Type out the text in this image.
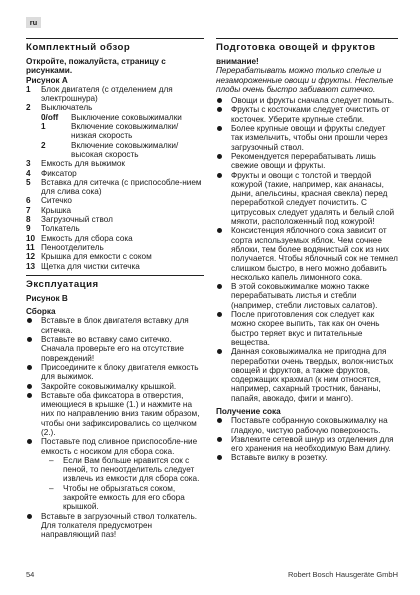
ru
Комплектный обзор

Откройте, пожалуйста, страницу с рисунками.

Рисунок A

1	Блок двигателя (с отделением для электрошнура)
2	Выключатель
0/off	Выключение соковыжималки
1	Включение соковыжималки/ низкая скорость
2	Включение соковыжималки/ высокая скорость
3	Емкость для выжимок
4	Фиксатор
5	Вставка для ситечка (с приспособле-нием для слива сока)
6	Ситечко
7	Крышка
8	Загрузочный ствол
9	Толкатель
10 Емкость для сбора сока
11 Пеноотделитель
12 Крышка для емкости с соком
13 Щетка для чистки ситечка
Эксплуатация

Рисунок B

Сборка
Вставьте в блок двигателя вставку для ситечка.
Вставьте во вставку само ситечко. Сначала проверьте его на отсутствие повреждений!
Присоедините к блоку двигателя емкость для выжимок.
Закройте соковыжималку крышкой.
Вставьте оба фиксатора в отверстия, имеющиеся в крышке (1.) и нажмите на них по направлению вниз таким образом, чтобы они зафиксировались со щелчком (2.).
Поставьте под сливное приспособле-ние емкость с носиком для сбора сока.
–	Если Вам больше нравится сок с пеной, то пеноотделитель следует извлечь из емкости для сбора сока.
–	Чтобы не обрызгаться соком, закройте емкость для его сбора крышкой.
Вставьте в загрузочный ствол толкатель. Для толкателя предусмотрен направляющий паз!
Подготовка овощей и фруктов

внимание!

Перерабатывать можно только спелые и незамороженные овощи и фрукты. Неспелые плоды очень быстро забивают ситечко.

Овощи и фрукты сначала следует помыть.
Фрукты с косточками следует очистить от косточек. Уберите крупные стебли.
Более крупные овощи и фрукты следует так измельчить, чтобы они прошли через загрузочный ствол.
Рекомендуется перерабатывать лишь свежие овощи и фрукты.
Фрукты и овощи с толстой и твердой кожурой (такие, например, как ананасы, дыни, апельсины, красная свекла) перед переработкой следует почистить. С цитрусовых следует удалять и белый слой мякоти, расположенный под кожурой!
Консистенция яблочного сока зависит от сорта используемых яблок. Чем сочнее яблоки, тем более водянистый сок из них получается. Чтобы яблочный сок не темнел слишком быстро, в него можно добавить несколько капель лимонного сока.
В этой соковыжималке можно также перерабатывать листья и стебли (например, стебли листовых салатов).
После приготовления сок следует как можно скорее выпить, так как он очень быстро теряет вкус и питательные вещества.
Данная соковыжималка не пригодна для переработки очень твердых, волок-нистых овощей и фруктов, а также фруктов, содержащих крахмал (к ним относятся, например, сахарный тростник, бананы, папайя, авокадо, фиги и манго).
Получение сока
Поставьте собранную соковыжималку на гладкую, чистую рабочую поверхность.
Извлеките сетевой шнур из отделения для его хранения на необходимую Вам длину.
Вставьте вилку в розетку.
54	Robert Bosch Hausgeräte GmbH
